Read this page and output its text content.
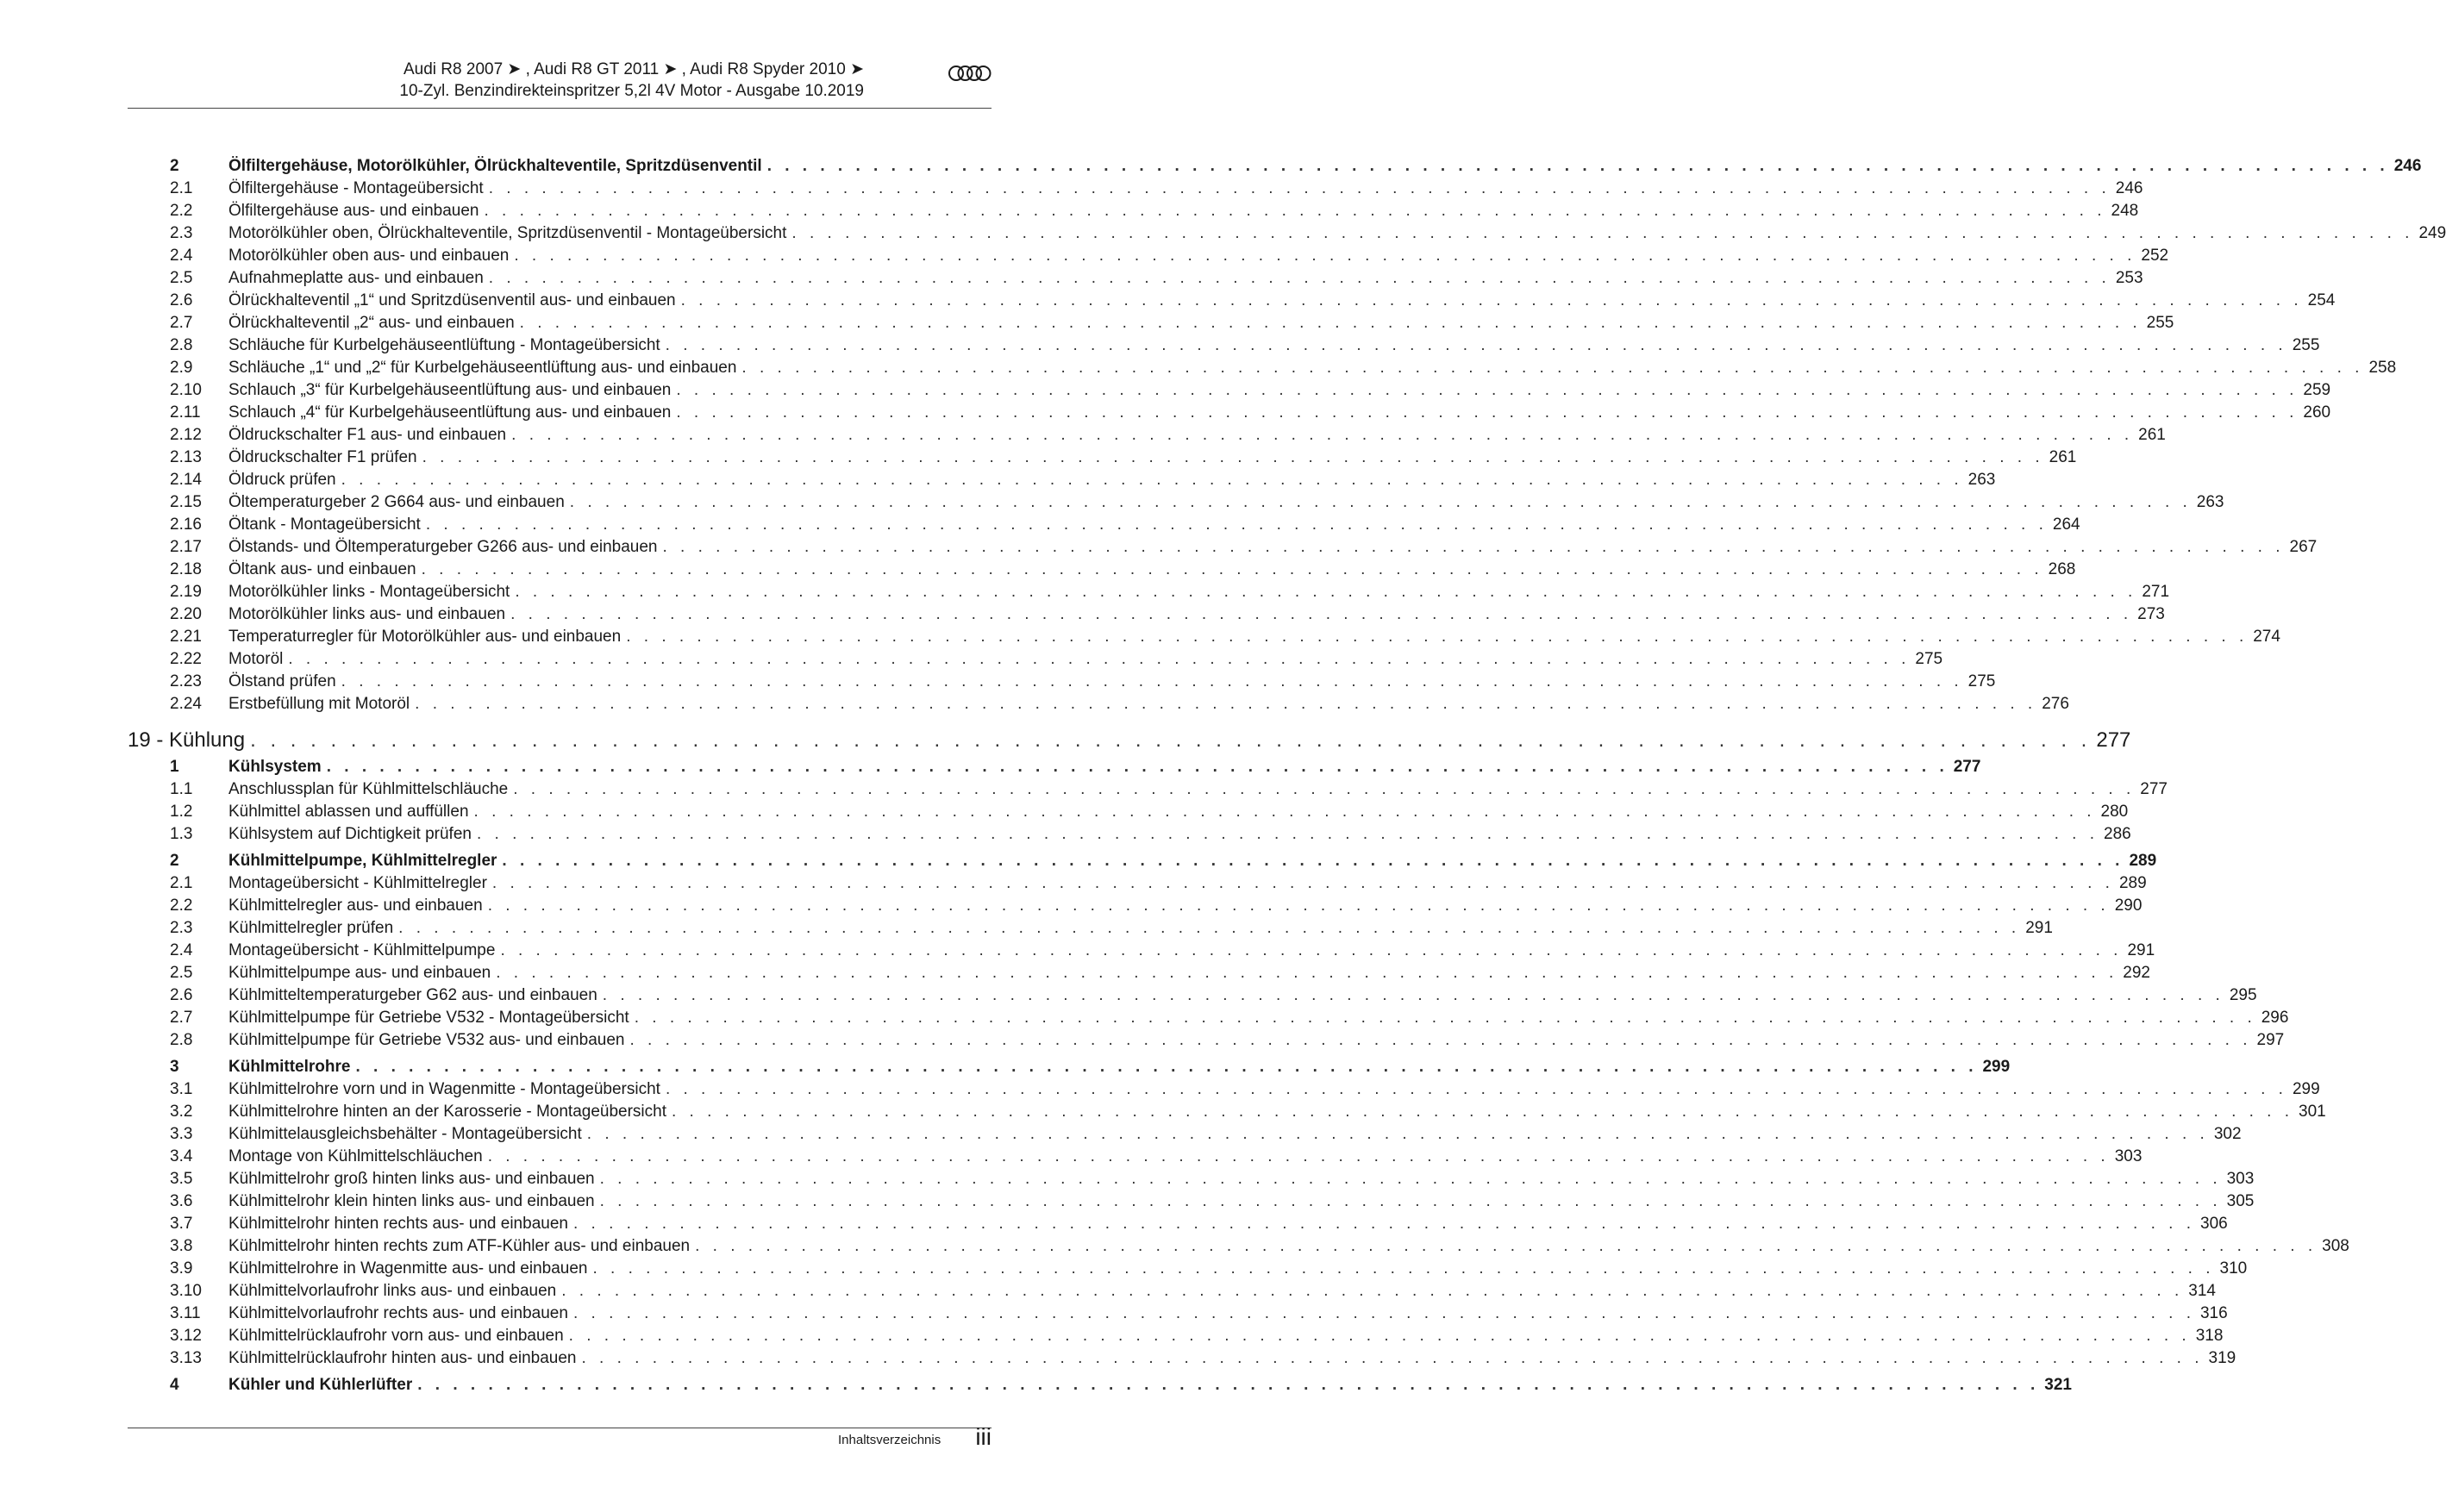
Audi R8 2007 ➤ , Audi R8 GT 2011 ➤ , Audi R8 Spyder 2010 ➤
10-Zyl. Benzindirekteinspritzer 5,2l 4V Motor - Ausgabe 10.2019
2	Ölfiltergehäuse, Motorölkühler, Ölrückhalteventile, Spritzdüsenventil . . . . . . . . . . . . . . . . . . . . . . . . . . . . . . . . . . . . . . . . . . . . . . . . . . . . . . . . . . . . . . . . . . . . . . . . . . . . . . . . . . . . . . . . . . . . 246
2.1 Ölfiltergehäuse - Montageübersicht . . . . . . . . . . . . . . . . . . . . . . . . . . . . . . . . . . . . . . . . . . . . . . . . . . . . . . . . . . . . . . . . . . . . . . . . . . . . . . . . . . . . . . . . . . . . 246
2.2 Ölfiltergehäuse aus- und einbauen . . . . . . . . . . . . . . . . . . . . . . . . . . . . . . . . . . . . . . . . . . . . . . . . . . . . . . . . . . . . . . . . . . . . . . . . . . . . . . . . . . . . . . . . . . . . 248
2.3 Motorölkühler oben, Ölrückhalteventile, Spritzdüsenventil - Montageübersicht . . . . . . . . . . . . . . . . . . . . . . . . . . . . . . . . . . . . . . . . . . . . . . . . . . . . . . . . . . . . . . . . . . . . . . . . . . . . . . . . . . . . . . . . . . . . 249
2.4 Motorölkühler oben aus- und einbauen . . . . . . . . . . . . . . . . . . . . . . . . . . . . . . . . . . . . . . . . . . . . . . . . . . . . . . . . . . . . . . . . . . . . . . . . . . . . . . . . . . . . . . . . . . . . 252
2.5 Aufnahmeplatte aus- und einbauen . . . . . . . . . . . . . . . . . . . . . . . . . . . . . . . . . . . . . . . . . . . . . . . . . . . . . . . . . . . . . . . . . . . . . . . . . . . . . . . . . . . . . . . . . . . . 253
2.6 Ölrückhalteventil „1“ und Spritzdüsenventil aus- und einbauen . . . . . . . . . . . . . . . . . . . . . . . . . . . . . . . . . . . . . . . . . . . . . . . . . . . . . . . . . . . . . . . . . . . . . . . . . . . . . . . . . . . . . . . . . . . . 254
2.7 Ölrückhalteventil „2“ aus- und einbauen . . . . . . . . . . . . . . . . . . . . . . . . . . . . . . . . . . . . . . . . . . . . . . . . . . . . . . . . . . . . . . . . . . . . . . . . . . . . . . . . . . . . . . . . . . . . 255
2.8 Schläuche für Kurbelgehäuseentlüftung - Montageübersicht . . . . . . . . . . . . . . . . . . . . . . . . . . . . . . . . . . . . . . . . . . . . . . . . . . . . . . . . . . . . . . . . . . . . . . . . . . . . . . . . . . . . . . . . . . . . 255
2.9 Schläuche „1“ und „2“ für Kurbelgehäuseentlüftung aus- und einbauen . . . . . . . . . . . . . . . . . . . . . . . . . . . . . . . . . . . . . . . . . . . . . . . . . . . . . . . . . . . . . . . . . . . . . . . . . . . . . . . . . . . . . . . . . . . . 258
2.10 Schlauch „3“ für Kurbelgehäuseentlüftung aus- und einbauen . . . . . . . . . . . . . . . . . . . . . . . . . . . . . . . . . . . . . . . . . . . . . . . . . . . . . . . . . . . . . . . . . . . . . . . . . . . . . . . . . . . . . . . . . . . . 259
2.11 Schlauch „4“ für Kurbelgehäuseentlüftung aus- und einbauen . . . . . . . . . . . . . . . . . . . . . . . . . . . . . . . . . . . . . . . . . . . . . . . . . . . . . . . . . . . . . . . . . . . . . . . . . . . . . . . . . . . . . . . . . . . . 260
2.12 Öldruckschalter F1 aus- und einbauen . . . . . . . . . . . . . . . . . . . . . . . . . . . . . . . . . . . . . . . . . . . . . . . . . . . . . . . . . . . . . . . . . . . . . . . . . . . . . . . . . . . . . . . . . . . . 261
2.13 Öldruckschalter F1 prüfen . . . . . . . . . . . . . . . . . . . . . . . . . . . . . . . . . . . . . . . . . . . . . . . . . . . . . . . . . . . . . . . . . . . . . . . . . . . . . . . . . . . . . . . . . . . . 261
2.14 Öldruck prüfen . . . . . . . . . . . . . . . . . . . . . . . . . . . . . . . . . . . . . . . . . . . . . . . . . . . . . . . . . . . . . . . . . . . . . . . . . . . . . . . . . . . . . . . . . . . . 263
2.15 Öltemperaturgeber 2 G664 aus- und einbauen . . . . . . . . . . . . . . . . . . . . . . . . . . . . . . . . . . . . . . . . . . . . . . . . . . . . . . . . . . . . . . . . . . . . . . . . . . . . . . . . . . . . . . . . . . . . 263
2.16 Öltank - Montageübersicht . . . . . . . . . . . . . . . . . . . . . . . . . . . . . . . . . . . . . . . . . . . . . . . . . . . . . . . . . . . . . . . . . . . . . . . . . . . . . . . . . . . . . . . . . . . . 264
2.17 Ölstands- und Öltemperaturgeber G266 aus- und einbauen . . . . . . . . . . . . . . . . . . . . . . . . . . . . . . . . . . . . . . . . . . . . . . . . . . . . . . . . . . . . . . . . . . . . . . . . . . . . . . . . . . . . . . . . . . . . 267
2.18 Öltank aus- und einbauen . . . . . . . . . . . . . . . . . . . . . . . . . . . . . . . . . . . . . . . . . . . . . . . . . . . . . . . . . . . . . . . . . . . . . . . . . . . . . . . . . . . . . . . . . . . . 268
2.19 Motorölkühler links - Montageübersicht . . . . . . . . . . . . . . . . . . . . . . . . . . . . . . . . . . . . . . . . . . . . . . . . . . . . . . . . . . . . . . . . . . . . . . . . . . . . . . . . . . . . . . . . . . . . 271
2.20 Motorölkühler links aus- und einbauen . . . . . . . . . . . . . . . . . . . . . . . . . . . . . . . . . . . . . . . . . . . . . . . . . . . . . . . . . . . . . . . . . . . . . . . . . . . . . . . . . . . . . . . . . . . . 273
2.21 Temperaturregler für Motorölkühler aus- und einbauen . . . . . . . . . . . . . . . . . . . . . . . . . . . . . . . . . . . . . . . . . . . . . . . . . . . . . . . . . . . . . . . . . . . . . . . . . . . . . . . . . . . . . . . . . . . . 274
2.22 Motoröl . . . . . . . . . . . . . . . . . . . . . . . . . . . . . . . . . . . . . . . . . . . . . . . . . . . . . . . . . . . . . . . . . . . . . . . . . . . . . . . . . . . . . . . . . . . . 275
2.23 Ölstand prüfen . . . . . . . . . . . . . . . . . . . . . . . . . . . . . . . . . . . . . . . . . . . . . . . . . . . . . . . . . . . . . . . . . . . . . . . . . . . . . . . . . . . . . . . . . . . . 275
2.24 Erstbefüllung mit Motoröl . . . . . . . . . . . . . . . . . . . . . . . . . . . . . . . . . . . . . . . . . . . . . . . . . . . . . . . . . . . . . . . . . . . . . . . . . . . . . . . . . . . . . . . . . . . . 276
19 - Kühlung . . . . . . . . . . . . . . . . . . . . . . . . . . . . . . . . . . . . . . . . . . . . . . . . . . . . . . . . . . . . . . . . . . . . . . . . . . . . . . . . . . . . . . . . . . . . 277
1	Kühlsystem . . . . . . . . . . . . . . . . . . . . . . . . . . . . . . . . . . . . . . . . . . . . . . . . . . . . . . . . . . . . . . . . . . . . . . . . . . . . . . . . . . . . . . . . . . . . 277
1.1 Anschlussplan für Kühlmittelschläuche . . . . . . . . . . . . . . . . . . . . . . . . . . . . . . . . . . . . . . . . . . . . . . . . . . . . . . . . . . . . . . . . . . . . . . . . . . . . . . . . . . . . . . . . . . . . 277
1.2 Kühlmittel ablassen und auffüllen . . . . . . . . . . . . . . . . . . . . . . . . . . . . . . . . . . . . . . . . . . . . . . . . . . . . . . . . . . . . . . . . . . . . . . . . . . . . . . . . . . . . . . . . . . . . 280
1.3 Kühlsystem auf Dichtigkeit prüfen . . . . . . . . . . . . . . . . . . . . . . . . . . . . . . . . . . . . . . . . . . . . . . . . . . . . . . . . . . . . . . . . . . . . . . . . . . . . . . . . . . . . . . . . . . . . 286
2	Kühlmittelpumpe, Kühlmittelregler . . . . . . . . . . . . . . . . . . . . . . . . . . . . . . . . . . . . . . . . . . . . . . . . . . . . . . . . . . . . . . . . . . . . . . . . . . . . . . . . . . . . . . . . . . . . 289
2.1 Montageübersicht - Kühlmittelregler . . . . . . . . . . . . . . . . . . . . . . . . . . . . . . . . . . . . . . . . . . . . . . . . . . . . . . . . . . . . . . . . . . . . . . . . . . . . . . . . . . . . . . . . . . . . 289
2.2 Kühlmittelregler aus- und einbauen . . . . . . . . . . . . . . . . . . . . . . . . . . . . . . . . . . . . . . . . . . . . . . . . . . . . . . . . . . . . . . . . . . . . . . . . . . . . . . . . . . . . . . . . . . . . 290
2.3 Kühlmittelregler prüfen . . . . . . . . . . . . . . . . . . . . . . . . . . . . . . . . . . . . . . . . . . . . . . . . . . . . . . . . . . . . . . . . . . . . . . . . . . . . . . . . . . . . . . . . . . . . 291
2.4 Montageübersicht - Kühlmittelpumpe . . . . . . . . . . . . . . . . . . . . . . . . . . . . . . . . . . . . . . . . . . . . . . . . . . . . . . . . . . . . . . . . . . . . . . . . . . . . . . . . . . . . . . . . . . . . 291
2.5 Kühlmittelpumpe aus- und einbauen . . . . . . . . . . . . . . . . . . . . . . . . . . . . . . . . . . . . . . . . . . . . . . . . . . . . . . . . . . . . . . . . . . . . . . . . . . . . . . . . . . . . . . . . . . . . 292
2.6 Kühlmitteltemperaturgeber G62 aus- und einbauen . . . . . . . . . . . . . . . . . . . . . . . . . . . . . . . . . . . . . . . . . . . . . . . . . . . . . . . . . . . . . . . . . . . . . . . . . . . . . . . . . . . . . . . . . . . . 295
2.7 Kühlmittelpumpe für Getriebe V532 - Montageübersicht . . . . . . . . . . . . . . . . . . . . . . . . . . . . . . . . . . . . . . . . . . . . . . . . . . . . . . . . . . . . . . . . . . . . . . . . . . . . . . . . . . . . . . . . . . . . 296
2.8 Kühlmittelpumpe für Getriebe V532 aus- und einbauen . . . . . . . . . . . . . . . . . . . . . . . . . . . . . . . . . . . . . . . . . . . . . . . . . . . . . . . . . . . . . . . . . . . . . . . . . . . . . . . . . . . . . . . . . . . . 297
3	Kühlmittelrohre . . . . . . . . . . . . . . . . . . . . . . . . . . . . . . . . . . . . . . . . . . . . . . . . . . . . . . . . . . . . . . . . . . . . . . . . . . . . . . . . . . . . . . . . . . . . 299
3.1 Kühlmittelrohre vorn und in Wagenmitte - Montageübersicht . . . . . . . . . . . . . . . . . . . . . . . . . . . . . . . . . . . . . . . . . . . . . . . . . . . . . . . . . . . . . . . . . . . . . . . . . . . . . . . . . . . . . . . . . . . . 299
3.2 Kühlmittelrohre hinten an der Karosserie - Montageübersicht . . . . . . . . . . . . . . . . . . . . . . . . . . . . . . . . . . . . . . . . . . . . . . . . . . . . . . . . . . . . . . . . . . . . . . . . . . . . . . . . . . . . . . . . . . . . 301
3.3 Kühlmittelausgleichsbehälter - Montageübersicht . . . . . . . . . . . . . . . . . . . . . . . . . . . . . . . . . . . . . . . . . . . . . . . . . . . . . . . . . . . . . . . . . . . . . . . . . . . . . . . . . . . . . . . . . . . . 302
3.4 Montage von Kühlmittelschläuchen . . . . . . . . . . . . . . . . . . . . . . . . . . . . . . . . . . . . . . . . . . . . . . . . . . . . . . . . . . . . . . . . . . . . . . . . . . . . . . . . . . . . . . . . . . . . 303
3.5 Kühlmittelrohr groß hinten links aus- und einbauen . . . . . . . . . . . . . . . . . . . . . . . . . . . . . . . . . . . . . . . . . . . . . . . . . . . . . . . . . . . . . . . . . . . . . . . . . . . . . . . . . . . . . . . . . . . . 303
3.6 Kühlmittelrohr klein hinten links aus- und einbauen . . . . . . . . . . . . . . . . . . . . . . . . . . . . . . . . . . . . . . . . . . . . . . . . . . . . . . . . . . . . . . . . . . . . . . . . . . . . . . . . . . . . . . . . . . . . 305
3.7 Kühlmittelrohr hinten rechts aus- und einbauen . . . . . . . . . . . . . . . . . . . . . . . . . . . . . . . . . . . . . . . . . . . . . . . . . . . . . . . . . . . . . . . . . . . . . . . . . . . . . . . . . . . . . . . . . . . . 306
3.8 Kühlmittelrohr hinten rechts zum ATF-Kühler aus- und einbauen . . . . . . . . . . . . . . . . . . . . . . . . . . . . . . . . . . . . . . . . . . . . . . . . . . . . . . . . . . . . . . . . . . . . . . . . . . . . . . . . . . . . . . . . . . . . 308
3.9 Kühlmittelrohre in Wagenmitte aus- und einbauen . . . . . . . . . . . . . . . . . . . . . . . . . . . . . . . . . . . . . . . . . . . . . . . . . . . . . . . . . . . . . . . . . . . . . . . . . . . . . . . . . . . . . . . . . . . . 310
3.10 Kühlmittelvorlaufrohr links aus- und einbauen . . . . . . . . . . . . . . . . . . . . . . . . . . . . . . . . . . . . . . . . . . . . . . . . . . . . . . . . . . . . . . . . . . . . . . . . . . . . . . . . . . . . . . . . . . . . 314
3.11 Kühlmittelvorlaufrohr rechts aus- und einbauen . . . . . . . . . . . . . . . . . . . . . . . . . . . . . . . . . . . . . . . . . . . . . . . . . . . . . . . . . . . . . . . . . . . . . . . . . . . . . . . . . . . . . . . . . . . . 316
3.12 Kühlmittelrücklaufrohr vorn aus- und einbauen . . . . . . . . . . . . . . . . . . . . . . . . . . . . . . . . . . . . . . . . . . . . . . . . . . . . . . . . . . . . . . . . . . . . . . . . . . . . . . . . . . . . . . . . . . . . 318
3.13 Kühlmittelrücklaufrohr hinten aus- und einbauen . . . . . . . . . . . . . . . . . . . . . . . . . . . . . . . . . . . . . . . . . . . . . . . . . . . . . . . . . . . . . . . . . . . . . . . . . . . . . . . . . . . . . . . . . . . . 319
4	Kühler und Kühlerlüfter . . . . . . . . . . . . . . . . . . . . . . . . . . . . . . . . . . . . . . . . . . . . . . . . . . . . . . . . . . . . . . . . . . . . . . . . . . . . . . . . . . . . . . . . . . . . 321
Inhaltsverzeichnis iii
